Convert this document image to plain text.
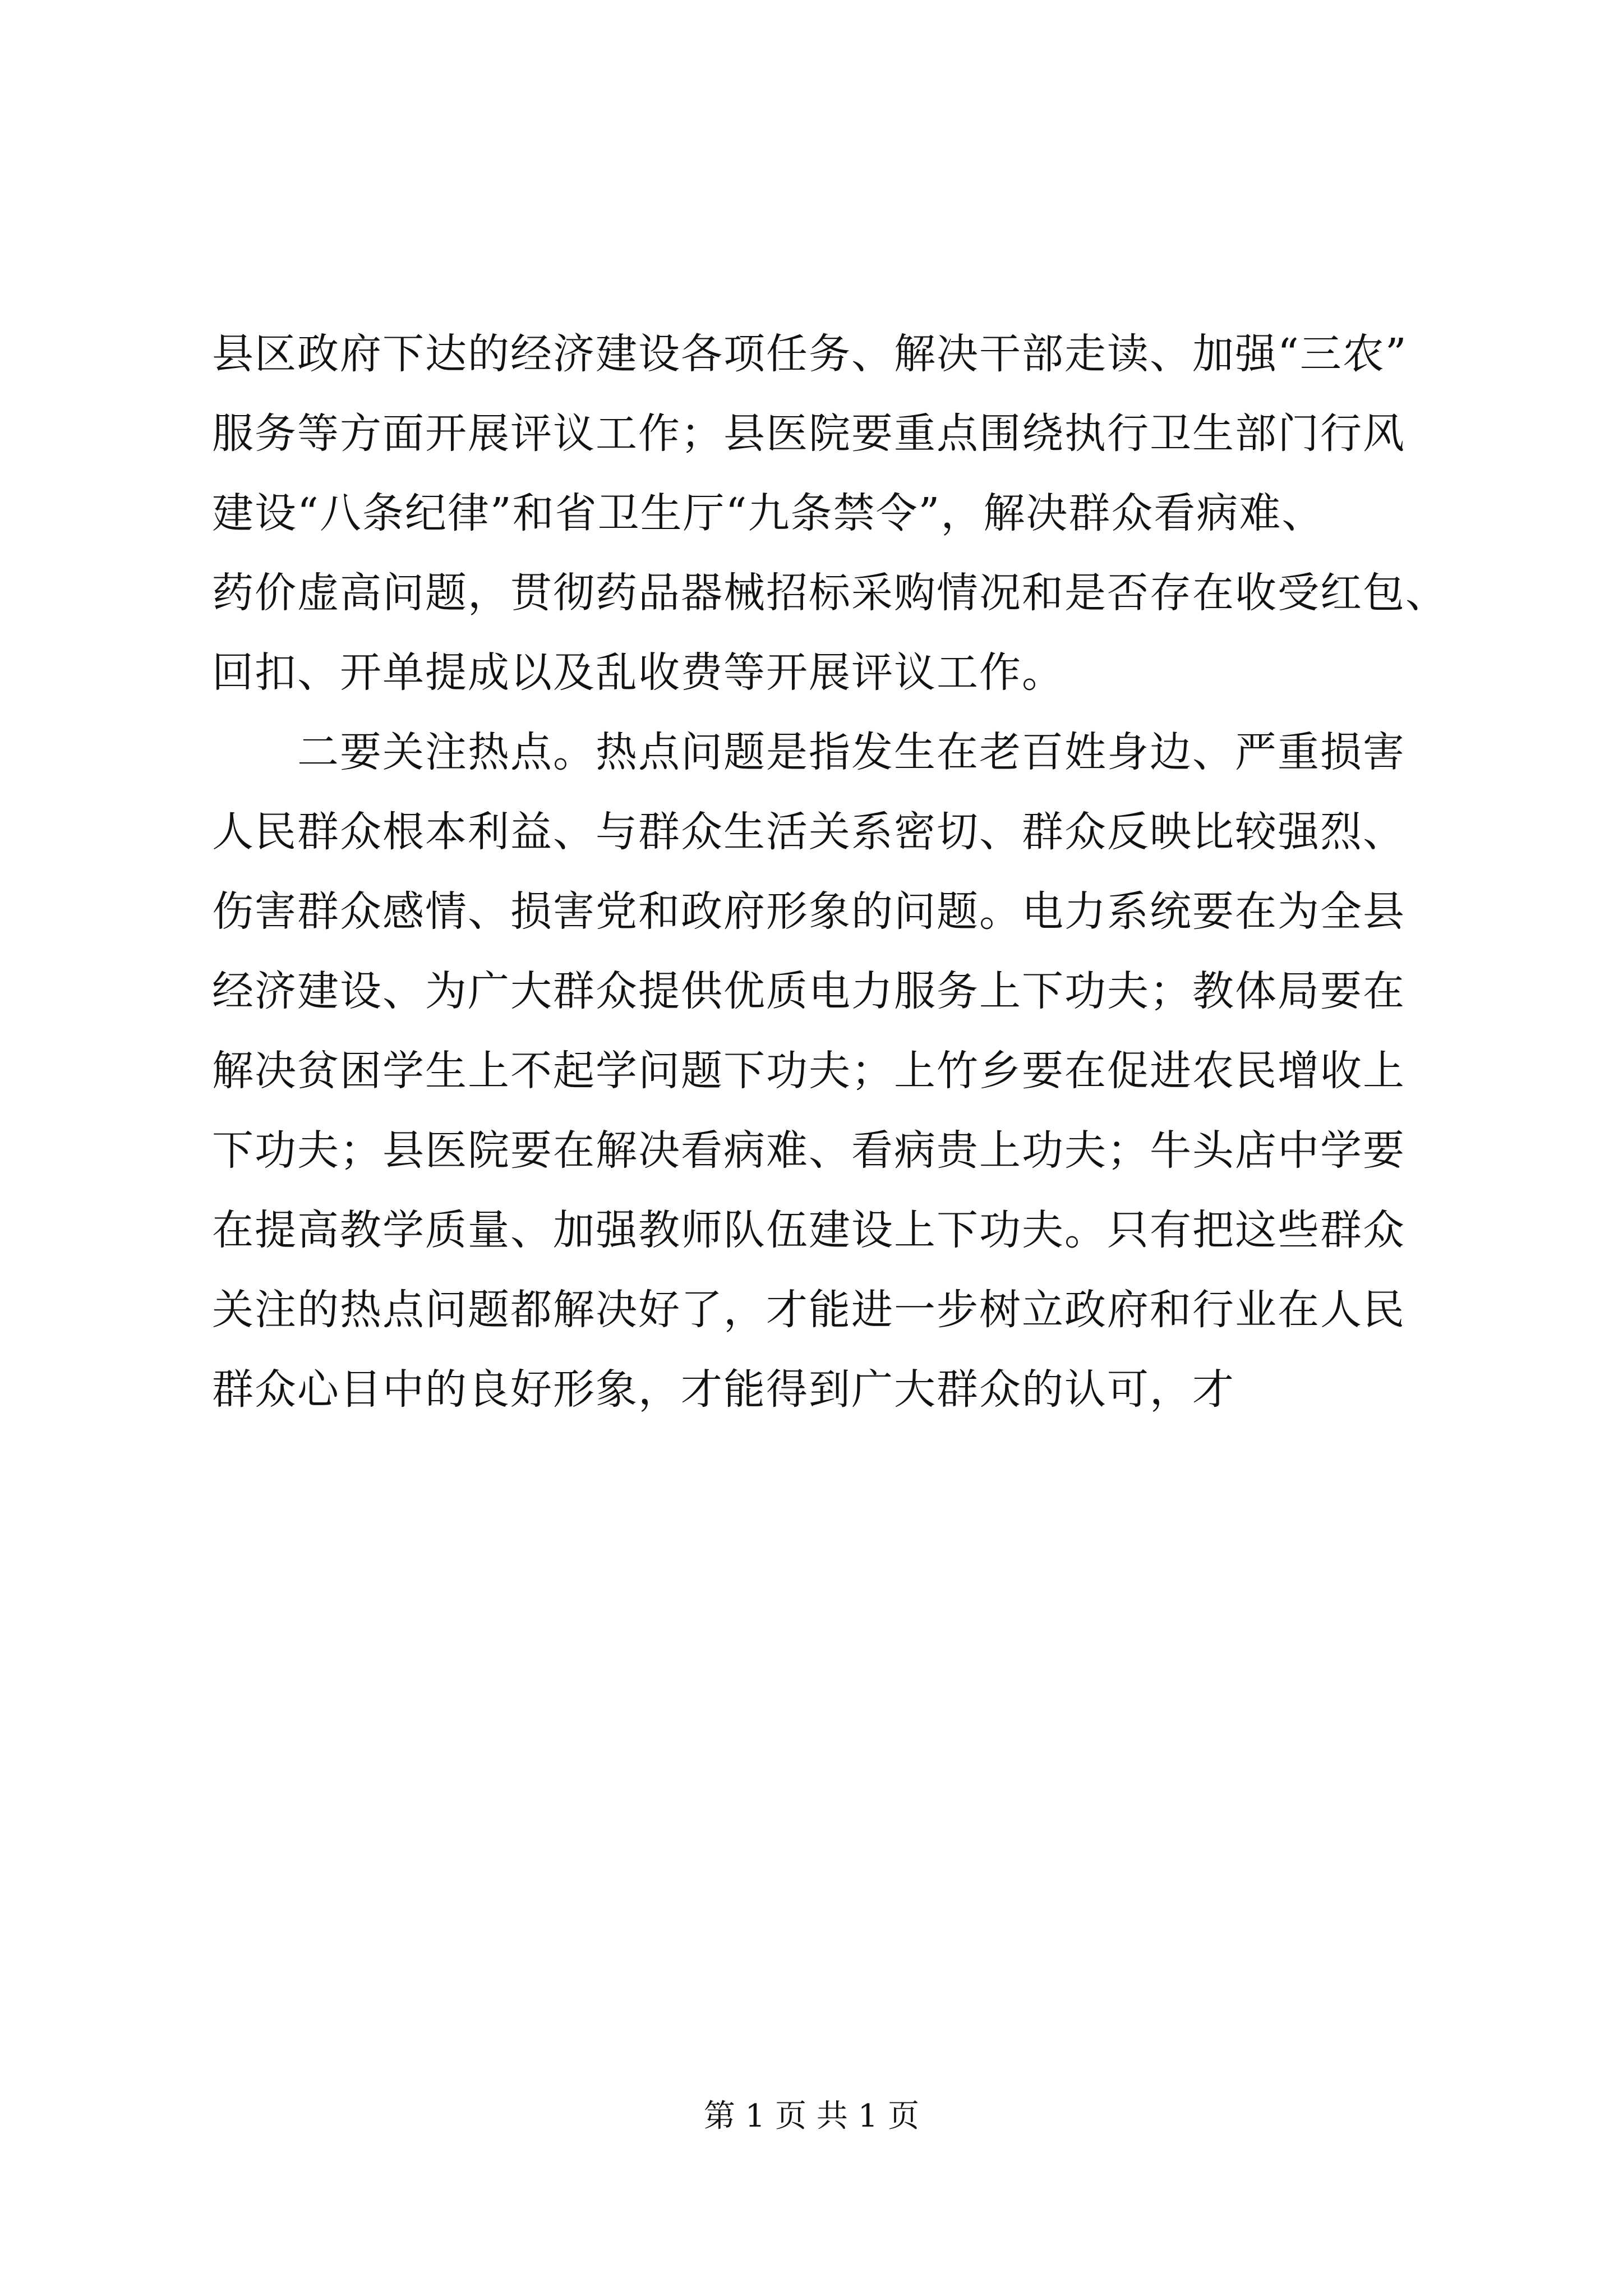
县区政府下达的经济建设各项任务、解决干部走读、加强“三农”
服务等方面开展评议工作；县医院要重点围绕执行卫生部门行风
建设“八条纪律”和省卫生厅“九条禁令”，解决群众看病难、
药价虚高问题，贯彻药品器械招标采购情况和是否存在收受红包、
回扣、开单提成以及乱收费等开展评议工作。
　　二要关注热点。热点问题是指发生在老百姓身边、严重损害
人民群众根本利益、与群众生活关系密切、群众反映比较强烈、
伤害群众感情、损害党和政府形象的问题。电力系统要在为全县
经济建设、为广大群众提供优质电力服务上下功夫；教体局要在
解决贫困学生上不起学问题下功夫；上竹乡要在促进农民增收上
下功夫；县医院要在解决看病难、看病贵上功夫；牛头店中学要
在提高教学质量、加强教师队伍建设上下功夫。只有把这些群众
关注的热点问题都解决好了，才能进一步树立政府和行业在人民
群众心目中的良好形象，才能得到广大群众的认可，才
第 1 页 共 1 页
